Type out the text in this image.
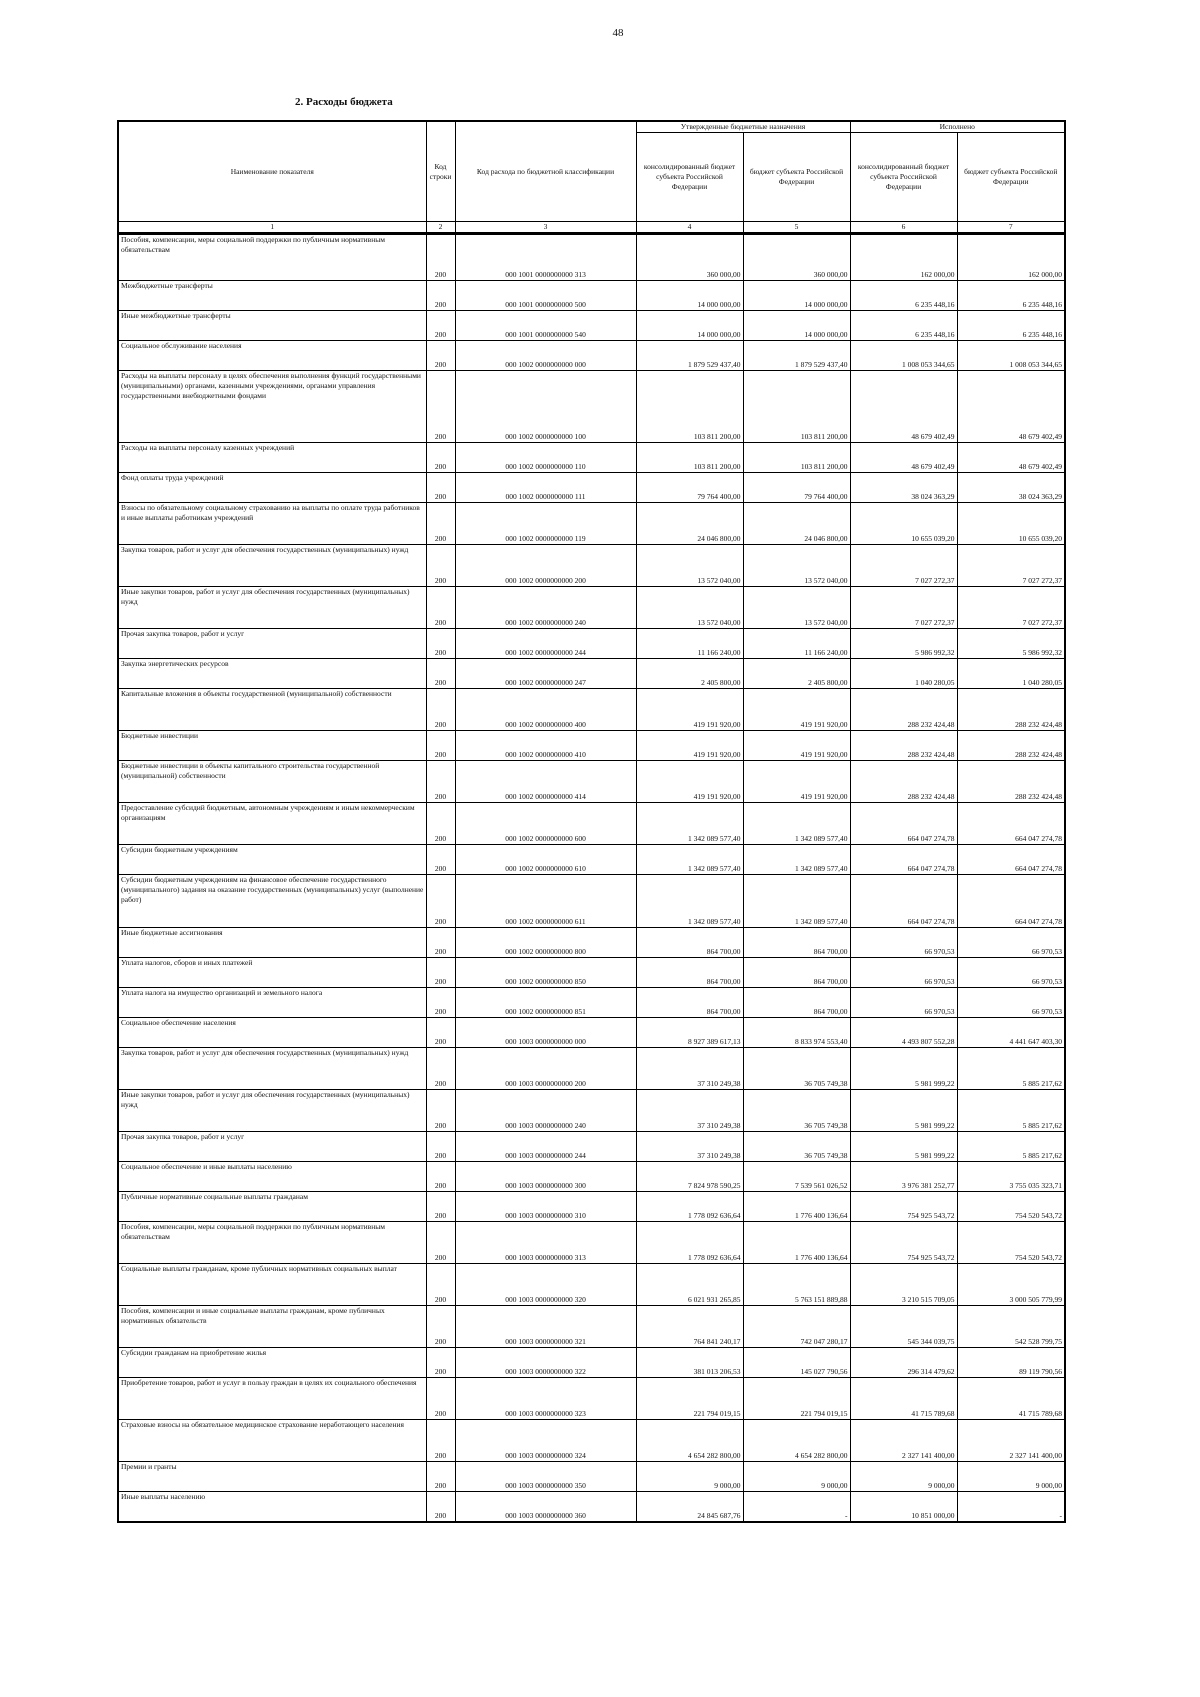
48
2. Расходы бюджета
Наименование показателя	Код строки	Код расхода по бюджетной классификации	Утвержденные бюджетные назначения		Исполнено	
			консолидированный бюджет субъекта Российской Федерации	бюджет субъекта Российской Федерации	консолидированный бюджет субъекта Российской Федерации	бюджет субъекта Российской Федерации
1	2	3	4	5	6	7
Пособия, компенсации, меры социальной поддержки по публичным нормативным обязательствам	200	000 1001 0000000000 313	360 000,00	360 000,00	162 000,00	162 000,00
Межбюджетные трансферты	200	000 1001 0000000000 500	14 000 000,00	14 000 000,00	6 235 448,16	6 235 448,16
Иные межбюджетные трансферты	200	000 1001 0000000000 540	14 000 000,00	14 000 000,00	6 235 448,16	6 235 448,16
Социальное обслуживание населения	200	000 1002 0000000000 000	1 879 529 437,40	1 879 529 437,40	1 008 053 344,65	1 008 053 344,65
Расходы на выплаты персоналу в целях обеспечения выполнения функций государственными (муниципальными) органами, казенными учреждениями, органами управления государственными внебюджетными фондами	200	000 1002 0000000000 100	103 811 200,00	103 811 200,00	48 679 402,49	48 679 402,49
Расходы на выплаты персоналу казенных учреждений	200	000 1002 0000000000 110	103 811 200,00	103 811 200,00	48 679 402,49	48 679 402,49
Фонд оплаты труда учреждений	200	000 1002 0000000000 111	79 764 400,00	79 764 400,00	38 024 363,29	38 024 363,29
Взносы по обязательному социальному страхованию на выплаты по оплате труда работников и иные выплаты работникам учреждений	200	000 1002 0000000000 119	24 046 800,00	24 046 800,00	10 655 039,20	10 655 039,20
Закупка товаров, работ и услуг для обеспечения государственных (муниципальных) нужд	200	000 1002 0000000000 200	13 572 040,00	13 572 040,00	7 027 272,37	7 027 272,37
Иные закупки товаров, работ и услуг для обеспечения государственных (муниципальных) нужд	200	000 1002 0000000000 240	13 572 040,00	13 572 040,00	7 027 272,37	7 027 272,37
Прочая закупка товаров, работ и услуг	200	000 1002 0000000000 244	11 166 240,00	11 166 240,00	5 986 992,32	5 986 992,32
Закупка энергетических ресурсов	200	000 1002 0000000000 247	2 405 800,00	2 405 800,00	1 040 280,05	1 040 280,05
Капитальные вложения в объекты государственной (муниципальной) собственности	200	000 1002 0000000000 400	419 191 920,00	419 191 920,00	288 232 424,48	288 232 424,48
Бюджетные инвестиции	200	000 1002 0000000000 410	419 191 920,00	419 191 920,00	288 232 424,48	288 232 424,48
Бюджетные инвестиции в объекты капитального строительства государственной (муниципальной) собственности	200	000 1002 0000000000 414	419 191 920,00	419 191 920,00	288 232 424,48	288 232 424,48
Предоставление субсидий бюджетным, автономным учреждениям и иным некоммерческим организациям	200	000 1002 0000000000 600	1 342 089 577,40	1 342 089 577,40	664 047 274,78	664 047 274,78
Субсидии бюджетным учреждениям	200	000 1002 0000000000 610	1 342 089 577,40	1 342 089 577,40	664 047 274,78	664 047 274,78
Субсидии бюджетным учреждениям на финансовое обеспечение государственного (муниципального) задания на оказание государственных (муниципальных) услуг (выполнение работ)	200	000 1002 0000000000 611	1 342 089 577,40	1 342 089 577,40	664 047 274,78	664 047 274,78
Иные бюджетные ассигнования	200	000 1002 0000000000 800	864 700,00	864 700,00	66 970,53	66 970,53
Уплата налогов, сборов и иных платежей	200	000 1002 0000000000 850	864 700,00	864 700,00	66 970,53	66 970,53
Уплата налога на имущество организаций и земельного налога	200	000 1002 0000000000 851	864 700,00	864 700,00	66 970,53	66 970,53
Социальное обеспечение населения	200	000 1003 0000000000 000	8 927 389 617,13	8 833 974 553,40	4 493 807 552,28	4 441 647 403,30
Закупка товаров, работ и услуг для обеспечения государственных (муниципальных) нужд	200	000 1003 0000000000 200	37 310 249,38	36 705 749,38	5 981 999,22	5 885 217,62
Иные закупки товаров, работ и услуг для обеспечения государственных (муниципальных) нужд	200	000 1003 0000000000 240	37 310 249,38	36 705 749,38	5 981 999,22	5 885 217,62
Прочая закупка товаров, работ и услуг	200	000 1003 0000000000 244	37 310 249,38	36 705 749,38	5 981 999,22	5 885 217,62
Социальное обеспечение и иные выплаты населению	200	000 1003 0000000000 300	7 824 978 590,25	7 539 561 026,52	3 976 381 252,77	3 755 035 323,71
Публичные нормативные социальные выплаты гражданам	200	000 1003 0000000000 310	1 778 092 636,64	1 776 400 136,64	754 925 543,72	754 520 543,72
Пособия, компенсации, меры социальной поддержки по публичным нормативным обязательствам	200	000 1003 0000000000 313	1 778 092 636,64	1 776 400 136,64	754 925 543,72	754 520 543,72
Социальные выплаты гражданам, кроме публичных нормативных социальных выплат	200	000 1003 0000000000 320	6 021 931 265,85	5 763 151 889,88	3 210 515 709,05	3 000 505 779,99
Пособия, компенсации и иные социальные выплаты гражданам, кроме публичных нормативных обязательств	200	000 1003 0000000000 321	764 841 240,17	742 047 280,17	545 344 039,75	542 528 799,75
Субсидии гражданам на приобретение жилья	200	000 1003 0000000000 322	381 013 206,53	145 027 790,56	296 314 479,62	89 119 790,56
Приобретение товаров, работ и услуг в пользу граждан в целях их социального обеспечения	200	000 1003 0000000000 323	221 794 019,15	221 794 019,15	41 715 789,68	41 715 789,68
Страховые взносы на обязательное медицинское страхование неработающего населения	200	000 1003 0000000000 324	4 654 282 800,00	4 654 282 800,00	2 327 141 400,00	2 327 141 400,00
Премии и гранты	200	000 1003 0000000000 350	9 000,00	9 000,00	9 000,00	9 000,00
Иные выплаты населению	200	000 1003 0000000000 360	24 845 687,76	-	10 851 000,00	-
